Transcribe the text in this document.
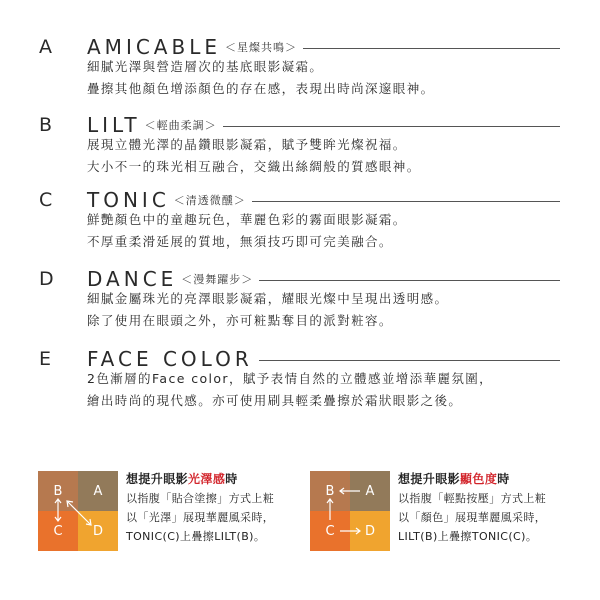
A AMICABLE ＜星燦共鳴＞
細膩光澤與營造層次的基底眼影凝霜。
疊擦其他顏色增添顏色的存在感，表現出時尚深邃眼神。
B LILT ＜輕曲柔調＞
展現立體光澤的晶鑽眼影凝霜，賦予雙眸光燦祝福。
大小不一的珠光相互融合，交織出絲綢般的質感眼神。
C TONIC ＜清透微醺＞
鮮艷顏色中的童趣玩色，華麗色彩的霧面眼影凝霜。
不厚重柔滑延展的質地，無須技巧即可完美融合。
D DANCE ＜漫舞躍步＞
細膩金屬珠光的亮澤眼影凝霜，耀眼光燦中呈現出透明感。
除了使用在眼頭之外，亦可粧點奪目的派對粧容。
E FACE COLOR
2色漸層的Face color，賦予表情自然的立體感並增添華麗氛圍，
繪出時尚的現代感。亦可使用刷具輕柔疊擦於霜狀眼影之後。
B	A
C	D
想提升眼影光澤感時
以指腹「貼合塗擦」方式上粧
以「光澤」展現華麗風采時，
TONIC(C)上疊擦LILT(B)。
B	A
C	D
想提升眼影顯色度時
以指腹「輕點按壓」方式上粧
以「顏色」展現華麗風采時，
LILT(B)上疊擦TONIC(C)。
